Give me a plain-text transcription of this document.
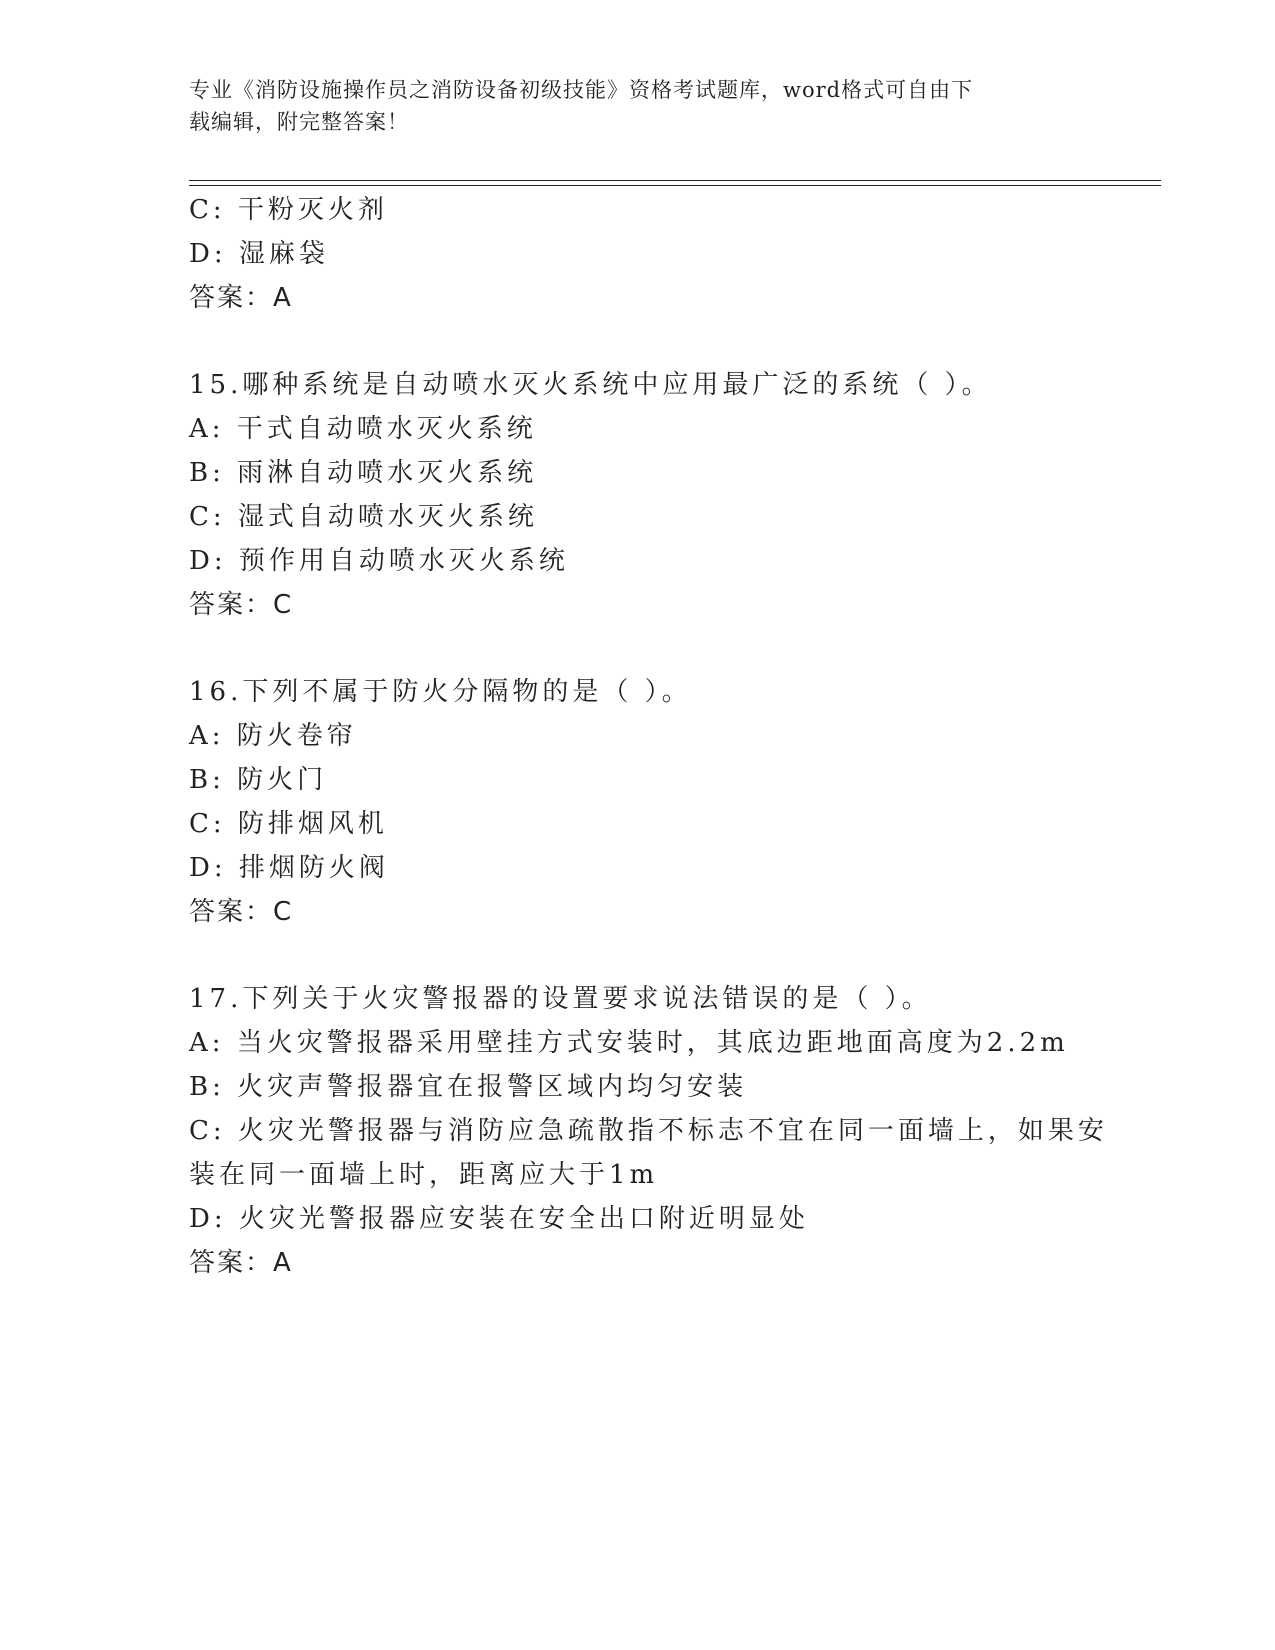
专业《消防设施操作员之消防设备初级技能》资格考试题库，word格式可自由下
载编辑，附完整答案！
C: 干粉灭火剂
D: 湿麻袋
答案：A
15.哪种系统是自动喷水灭火系统中应用最广泛的系统（ ）。
A: 干式自动喷水灭火系统
B: 雨淋自动喷水灭火系统
C: 湿式自动喷水灭火系统
D: 预作用自动喷水灭火系统
答案：C
16.下列不属于防火分隔物的是（ ）。
A: 防火卷帘
B: 防火门
C: 防排烟风机
D: 排烟防火阀
答案：C
17.下列关于火灾警报器的设置要求说法错误的是（ ）。
A: 当火灾警报器采用壁挂方式安装时，其底边距地面高度为2.2m
B: 火灾声警报器宜在报警区域内均匀安装
C: 火灾光警报器与消防应急疏散指不标志不宜在同一面墙上，如果安
装在同一面墙上时，距离应大于1m
D: 火灾光警报器应安装在安全出口附近明显处
答案：A
